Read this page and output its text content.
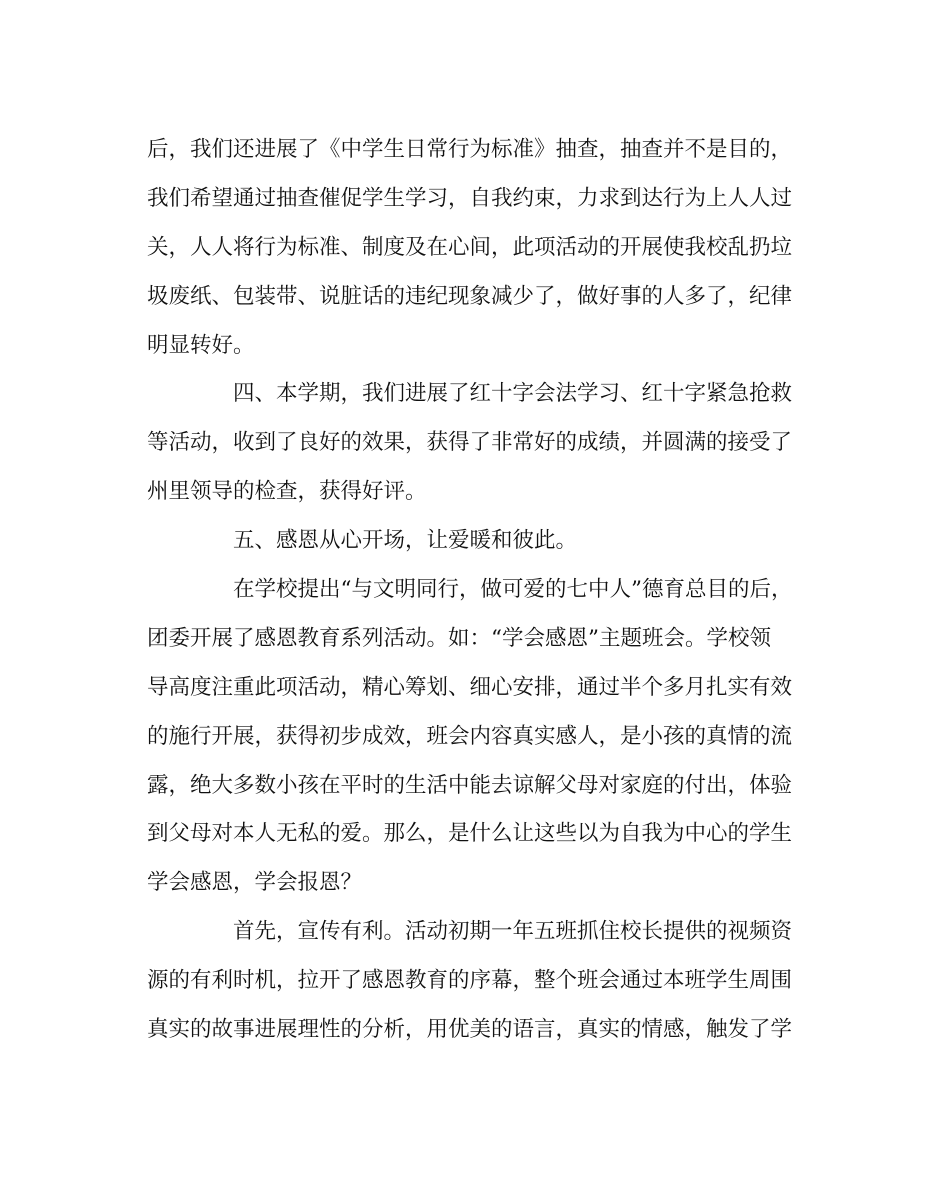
后，我们还进展了《中学生日常行为标准》抽查，抽查并不是目的，
我们希望通过抽查催促学生学习，自我约束，力求到达行为上人人过
关，人人将行为标准、制度及在心间，此项活动的开展使我校乱扔垃
圾废纸、包装带、说脏话的违纪现象减少了，做好事的人多了，纪律
明显转好。
四、本学期，我们进展了红十字会法学习、红十字紧急抢救
等活动，收到了良好的效果，获得了非常好的成绩，并圆满的接受了
州里领导的检查，获得好评。
五、感恩从心开场，让爱暖和彼此。
在学校提出“与文明同行，做可爱的七中人”德育总目的后，
团委开展了感恩教育系列活动。如：“学会感恩”主题班会。学校领
导高度注重此项活动，精心筹划、细心安排，通过半个多月扎实有效
的施行开展，获得初步成效，班会内容真实感人，是小孩的真情的流
露，绝大多数小孩在平时的生活中能去谅解父母对家庭的付出，体验
到父母对本人无私的爱。那么，是什么让这些以为自我为中心的学生
学会感恩，学会报恩？
首先，宣传有利。活动初期一年五班抓住校长提供的视频资
源的有利时机，拉开了感恩教育的序幕，整个班会通过本班学生周围
真实的故事进展理性的分析，用优美的语言，真实的情感，触发了学
